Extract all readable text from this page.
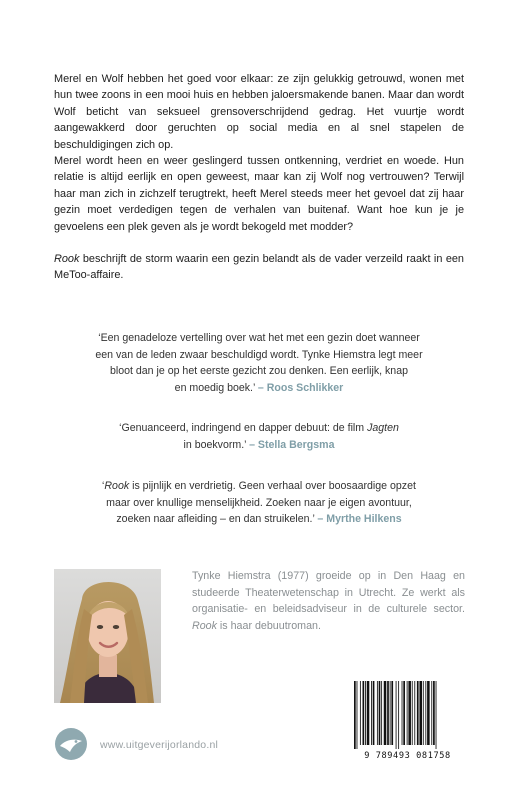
Merel en Wolf hebben het goed voor elkaar: ze zijn gelukkig getrouwd, wonen met hun twee zoons in een mooi huis en hebben jaloersmakende banen. Maar dan wordt Wolf beticht van seksueel grensoverschrijdend gedrag. Het vuurtje wordt aangewakkerd door geruchten op social media en al snel stapelen de beschuldigingen zich op.

Merel wordt heen en weer geslingerd tussen ontkenning, verdriet en woede. Hun relatie is altijd eerlijk en open geweest, maar kan zij Wolf nog vertrouwen? Terwijl haar man zich in zichzelf terugtrekt, heeft Merel steeds meer het gevoel dat zij haar gezin moet verdedigen tegen de verhalen van buitenaf. Want hoe kun je je gevoelens een plek geven als je wordt bekogeld met modder?

Rook beschrijft de storm waarin een gezin belandt als de vader verzeild raakt in een MeToo-affaire.

‘Een genadeloze vertelling over wat het met een gezin doet wanneer
een van de leden zwaar beschuldigd wordt. Tynke Hiemstra legt meer
bloot dan je op het eerste gezicht zou denken. Een eerlijk, knap
en moedig boek.’ – Roos Schlikker
‘Genuanceerd, indringend en dapper debuut: de film Jagten
in boekvorm.’ – Stella Bergsma
‘Rook is pijnlijk en verdrietig. Geen verhaal over boosaardige opzet
maar over knullige menselijkheid. Zoeken naar je eigen avontuur,
zoeken naar afleiding – en dan struikelen.’ – Myrthe Hilkens
Tynke Hiemstra (1977) groeide op in Den Haag en studeerde Theaterwetenschap in Utrecht. Ze werkt als organisatie- en beleidsadviseur in de culturele sector. Rook is haar debuutroman.
www.uitgeverijorlando.nl
9 789493 081758
